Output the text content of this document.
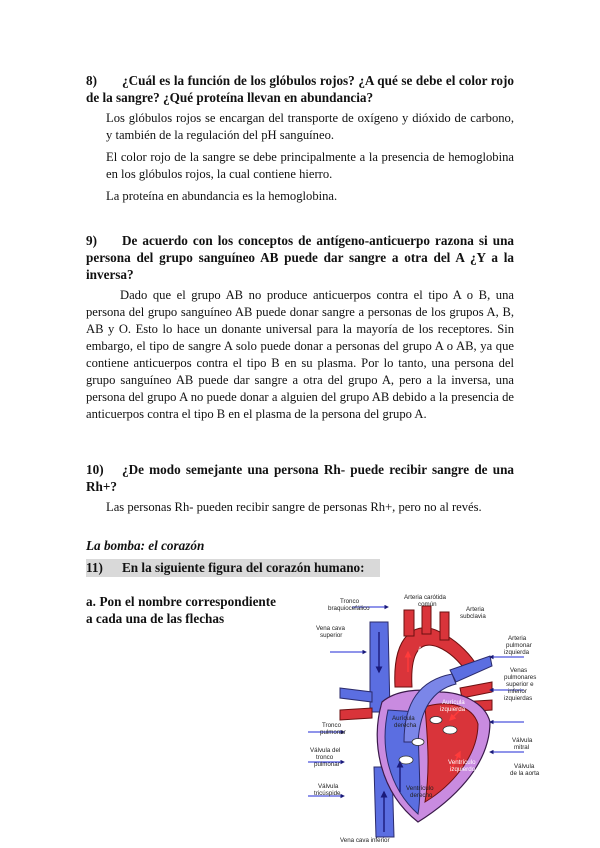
8) ¿Cuál es la función de los glóbulos rojos? ¿A qué se debe el color rojo de la sangre? ¿Qué proteína llevan en abundancia?

Los glóbulos rojos se encargan del transporte de oxígeno y dióxido de carbono, y también de la regulación del pH sanguíneo.

El color rojo de la sangre se debe principalmente a la presencia de hemoglobina en los glóbulos rojos, la cual contiene hierro.

La proteína en abundancia es la hemoglobina.

9) De acuerdo con los conceptos de antígeno-anticuerpo razona si una persona del grupo sanguíneo AB puede dar sangre a otra del A ¿Y a la inversa?

Dado que el grupo AB no produce anticuerpos contra el tipo A o B, una persona del grupo sanguíneo AB puede donar sangre a personas de los grupos A, B, AB y O. Esto lo hace un donante universal para la mayoría de los receptores. Sin embargo, el tipo de sangre A solo puede donar a personas del grupo A o AB, ya que contiene anticuerpos contra el tipo B en su plasma. Por lo tanto, una persona del grupo sanguíneo AB puede dar sangre a otra del grupo A, pero a la inversa, una persona del grupo A no puede donar a alguien del grupo AB debido a la presencia de anticuerpos contra el tipo B en el plasma de la persona del grupo A.

10) ¿De modo semejante una persona Rh- puede recibir sangre de una Rh+?

Las personas Rh- pueden recibir sangre de personas Rh+, pero no al revés.

La bomba: el corazón
11) En la siguiente figura del corazón humano:
a. Pon el nombre correspondiente a cada una de las flechas
Tronco braquiocefálico
Arteria carótida común
Arteria subclavia
Vena cava superior
Aorta
Arteria pulmonar izquierda
Venas pulmonares superior e inferior izquierdas
Aurícula derecha
Aurícula izquierda
Tronco pulmonar
Válvula mitral
Válvula del tronco pulmonar	Ventrículo izquierdo	Válvula de la aorta
Válvula tricúspide
Ventrículo derecho
Vena cava inferior
